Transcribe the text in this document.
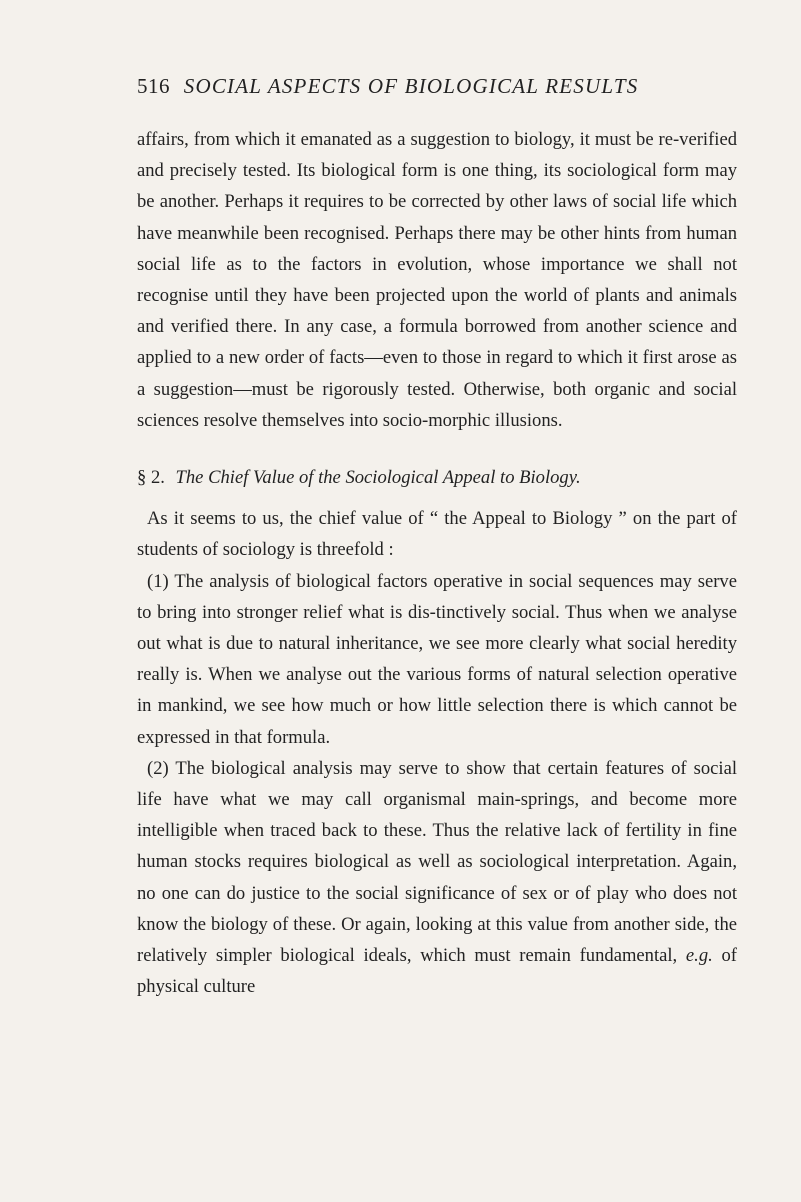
516 SOCIAL ASPECTS OF BIOLOGICAL RESULTS

affairs, from which it emanated as a suggestion to biology, it must be re-verified and precisely tested. Its biological form is one thing, its sociological form may be another. Perhaps it requires to be corrected by other laws of social life which have meanwhile been recognised. Perhaps there may be other hints from human social life as to the factors in evolution, whose importance we shall not recognise until they have been projected upon the world of plants and animals and verified there. In any case, a formula borrowed from another science and applied to a new order of facts—even to those in regard to which it first arose as a suggestion—must be rigorously tested. Otherwise, both organic and social sciences resolve themselves into socio-morphic illusions.

§ 2. The Chief Value of the Sociological Appeal to Biology.

As it seems to us, the chief value of “ the Appeal to Biology ” on the part of students of sociology is threefold :

(1) The analysis of biological factors operative in social sequences may serve to bring into stronger relief what is dis-tinctively social. Thus when we analyse out what is due to natural inheritance, we see more clearly what social heredity really is. When we analyse out the various forms of natural selection operative in mankind, we see how much or how little selection there is which cannot be expressed in that formula.

(2) The biological analysis may serve to show that certain features of social life have what we may call organismal main-springs, and become more intelligible when traced back to these. Thus the relative lack of fertility in fine human stocks requires biological as well as sociological interpretation. Again, no one can do justice to the social significance of sex or of play who does not know the biology of these. Or again, looking at this value from another side, the relatively simpler biological ideals, which must remain fundamental, e.g. of physical culture
